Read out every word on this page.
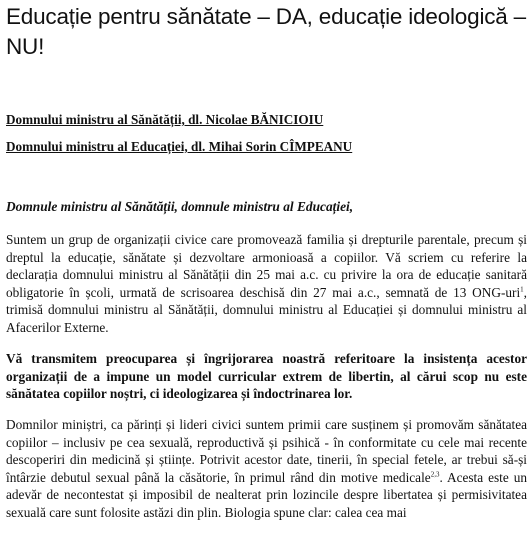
Educație pentru sănătate – DA, educație ideologică – NU!
Domnului ministru al Sănătății, dl. Nicolae BĂNICIOIU
Domnului ministru al Educației, dl. Mihai Sorin CÎMPEANU
Domnule ministru al Sănătății, domnule ministru al Educației,

Suntem un grup de organizații civice care promovează familia și drepturile parentale, precum și dreptul la educație, sănătate și dezvoltare armonioasă a copiilor. Vă scriem cu referire la declarația domnului ministru al Sănătății din 25 mai a.c. cu privire la ora de educație sanitară obligatorie în școli, urmată de scrisoarea deschisă din 27 mai a.c., semnată de 13 ONG-uri$^1$, trimisă domnului ministru al Sănătății, domnului ministru al Educației și domnului ministru al Afacerilor Externe.

Vă transmitem preocuparea și îngrijorarea noastră referitoare la insistența acestor organizații de a impune un model curricular extrem de libertin, al cărui scop nu este sănătatea copiilor noștri, ci ideologizarea și îndoctrinarea lor.

Domnilor miniștri, ca părinți și lideri civici suntem primii care susținem și promovăm sănătatea copiilor – inclusiv pe cea sexuală, reproductivă și psihică - în conformitate cu cele mai recente descoperiri din medicină și științe. Potrivit acestor date, tinerii, în special fetele, ar trebui să-și întârzie debutul sexual până la căsătorie, în primul rând din motive medicale$^{2,3}$. Acesta este un adevăr de necontestat și imposibil de nealterat prin lozincile despre libertatea și permisivitatea sexuală care sunt folosite astăzi din plin. Biologia spune clar: calea cea mai
